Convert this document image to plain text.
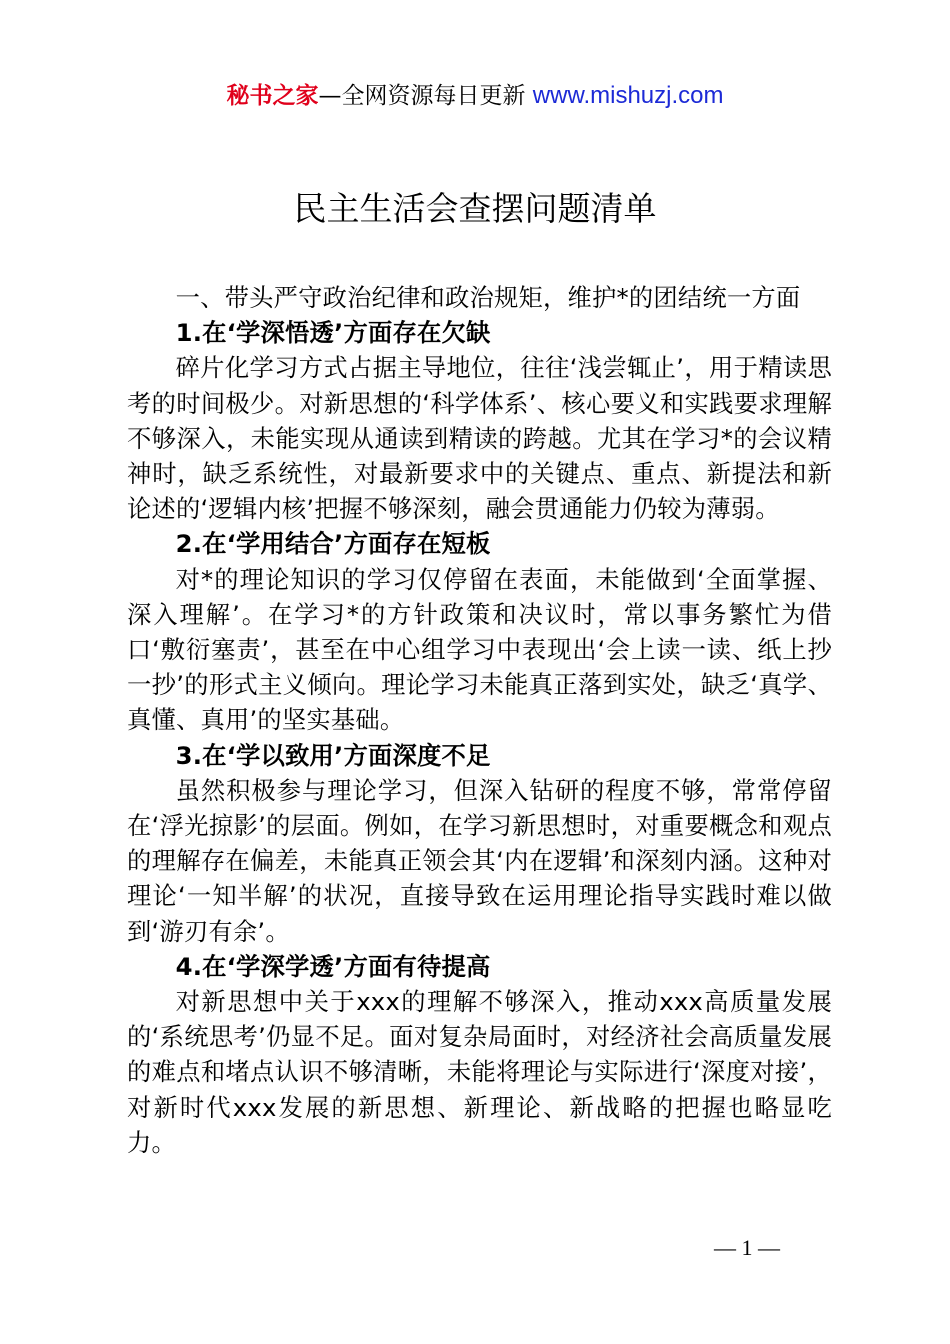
秘书之家—全网资源每日更新 www.mishuzj.com
民主生活会查摆问题清单

一、带头严守政治纪律和政治规矩，维护*的团结统一方面

1.在‘学深悟透’方面存在欠缺

碎片化学习方式占据主导地位，往往‘浅尝辄止’，用于精读思考的时间极少。对新思想的‘科学体系’、核心要义和实践要求理解不够深入，未能实现从通读到精读的跨越。尤其在学习*的会议精神时，缺乏系统性，对最新要求中的关键点、重点、新提法和新论述的‘逻辑内核’把握不够深刻，融会贯通能力仍较为薄弱。

2.在‘学用结合’方面存在短板

对*的理论知识的学习仅停留在表面，未能做到‘全面掌握、深入理解’。在学习*的方针政策和决议时，常以事务繁忙为借口‘敷衍塞责’，甚至在中心组学习中表现出‘会上读一读、纸上抄一抄’的形式主义倾向。理论学习未能真正落到实处，缺乏‘真学、真懂、真用’的坚实基础。

3.在‘学以致用’方面深度不足

虽然积极参与理论学习，但深入钻研的程度不够，常常停留在‘浮光掠影’的层面。例如，在学习新思想时，对重要概念和观点的理解存在偏差，未能真正领会其‘内在逻辑’和深刻内涵。这种对理论‘一知半解’的状况，直接导致在运用理论指导实践时难以做到‘游刃有余’。

4.在‘学深学透’方面有待提高

对新思想中关于xxx的理解不够深入，推动xxx高质量发展的‘系统思考’仍显不足。面对复杂局面时，对经济社会高质量发展的难点和堵点认识不够清晰，未能将理论与实际进行‘深度对接’，对新时代xxx发展的新思想、新理论、新战略的把握也略显吃力。

— 1 —
